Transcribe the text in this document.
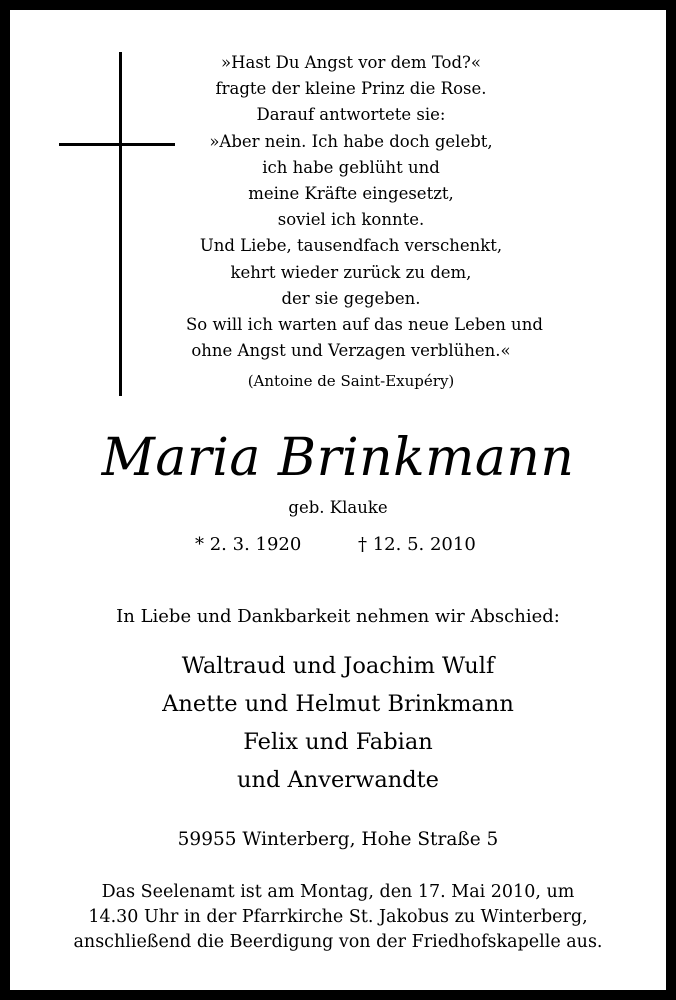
»Hast Du Angst vor dem Tod?«
fragte der kleine Prinz die Rose.
Darauf antwortete sie:
»Aber nein. Ich habe doch gelebt,
ich habe geblüht und
meine Kräfte eingesetzt,
soviel ich konnte.
Und Liebe, tausendfach verschenkt,
kehrt wieder zurück zu dem,
der sie gegeben.
So will ich warten auf das neue Leben und
ohne Angst und Verzagen verblühen.«
(Antoine de Saint-Exupéry)
Maria Brinkmann
geb. Klauke
* 2. 3. 1920	† 12. 5. 2010
In Liebe und Dankbarkeit nehmen wir Abschied:
Waltraud und Joachim Wulf
Anette und Helmut Brinkmann
Felix und Fabian
und Anverwandte
59955 Winterberg, Hohe Straße 5
Das Seelenamt ist am Montag, den 17. Mai 2010, um
14.30 Uhr in der Pfarrkirche St. Jakobus zu Winterberg,
anschließend die Beerdigung von der Friedhofskapelle aus.
